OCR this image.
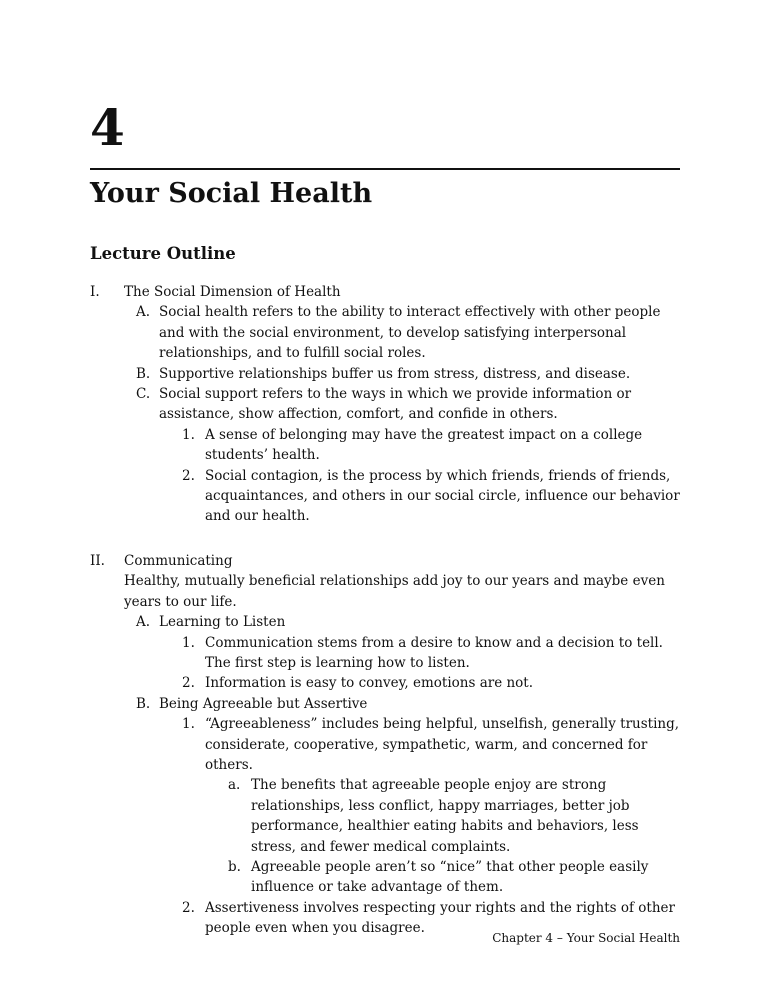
4
Your Social Health
Lecture Outline
I. The Social Dimension of Health
A. Social health refers to the ability to interact effectively with other people and with the social environment, to develop satisfying interpersonal relationships, and to fulfill social roles.
B. Supportive relationships buffer us from stress, distress, and disease.
C. Social support refers to the ways in which we provide information or assistance, show affection, comfort, and confide in others.
1. A sense of belonging may have the greatest impact on a college students’ health.
2. Social contagion, is the process by which friends, friends of friends, acquaintances, and others in our social circle, influence our behavior and our health.
II. Communicating
Healthy, mutually beneficial relationships add joy to our years and maybe even years to our life.
A. Learning to Listen
1. Communication stems from a desire to know and a decision to tell. The first step is learning how to listen.
2. Information is easy to convey, emotions are not.
B. Being Agreeable but Assertive
1. “Agreeableness” includes being helpful, unselfish, generally trusting, considerate, cooperative, sympathetic, warm, and concerned for others.
a. The benefits that agreeable people enjoy are strong relationships, less conflict, happy marriages, better job performance, healthier eating habits and behaviors, less stress, and fewer medical complaints.
b. Agreeable people aren’t so “nice” that other people easily influence or take advantage of them.
2. Assertiveness involves respecting your rights and the rights of other people even when you disagree.
Chapter 4 – Your Social Health
